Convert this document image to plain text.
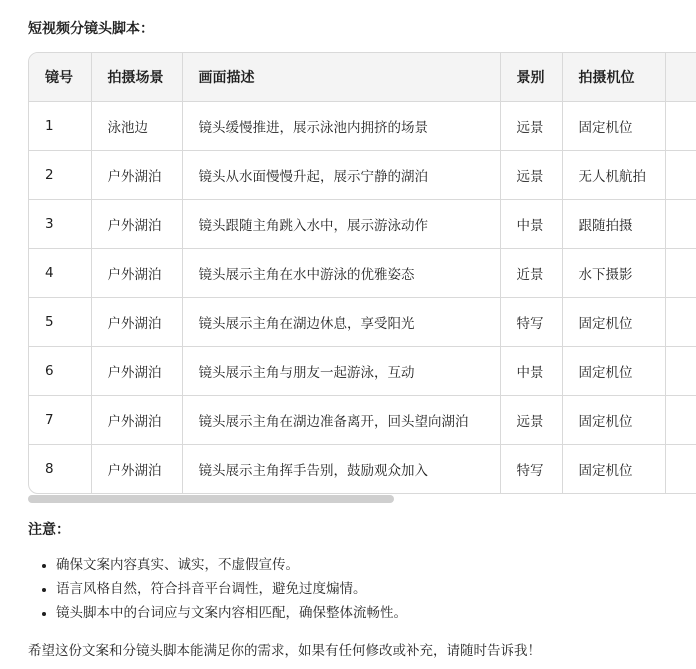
短视频分镜头脚本：
镜号	拍摄场景	画面描述	景别	拍摄机位	
1	泳池边	镜头缓慢推进，展示泳池内拥挤的场景	远景	固定机位	
2	户外湖泊	镜头从水面慢慢升起，展示宁静的湖泊	远景	无人机航拍	
3	户外湖泊	镜头跟随主角跳入水中，展示游泳动作	中景	跟随拍摄	
4	户外湖泊	镜头展示主角在水中游泳的优雅姿态	近景	水下摄影	
5	户外湖泊	镜头展示主角在湖边休息，享受阳光	特写	固定机位	
6	户外湖泊	镜头展示主角与朋友一起游泳，互动	中景	固定机位	
7	户外湖泊	镜头展示主角在湖边准备离开，回头望向湖泊	远景	固定机位	
8	户外湖泊	镜头展示主角挥手告别，鼓励观众加入	特写	固定机位	
注意：
• 确保文案内容真实、诚实，不虚假宣传。
• 语言风格自然，符合抖音平台调性，避免过度煽情。
• 镜头脚本中的台词应与文案内容相匹配，确保整体流畅性。
希望这份文案和分镜头脚本能满足你的需求，如果有任何修改或补充，请随时告诉我！
